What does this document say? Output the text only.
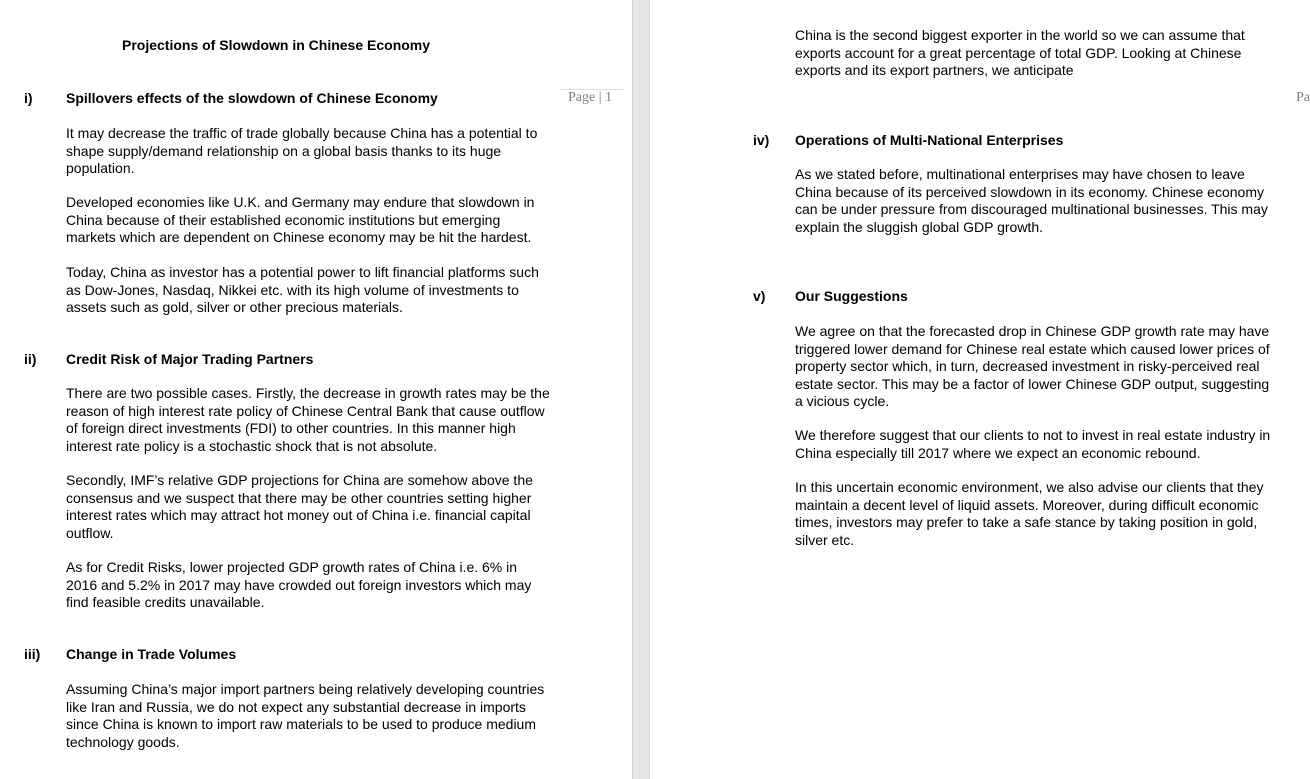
Projections of Slowdown in Chinese Economy
Page | 1
i) Spillovers effects of the slowdown of Chinese Economy

It may decrease the traffic of trade globally because China has a potential to shape supply/demand relationship on a global basis thanks to its huge population.

Developed economies like U.K. and Germany may endure that slowdown in China because of their established economic institutions but emerging markets which are dependent on Chinese economy may be hit the hardest.

Today, China as investor has a potential power to lift financial platforms such as Dow-Jones, Nasdaq, Nikkei etc. with its high volume of investments to assets such as gold, silver or other precious materials.

ii) Credit Risk of Major Trading Partners

There are two possible cases. Firstly, the decrease in growth rates may be the reason of high interest rate policy of Chinese Central Bank that cause outflow of foreign direct investments (FDI) to other countries. In this manner high interest rate policy is a stochastic shock that is not absolute.

Secondly, IMF’s relative GDP projections for China are somehow above the consensus and we suspect that there may be other countries setting higher interest rates which may attract hot money out of China i.e. financial capital outflow.

As for Credit Risks, lower projected GDP growth rates of China i.e. 6% in 2016 and 5.2% in 2017 may have crowded out foreign investors which may find feasible credits unavailable.

iii) Change in Trade Volumes

Assuming China’s major import partners being relatively developing countries like Iran and Russia, we do not expect any substantial decrease in imports since China is known to import raw materials to be used to produce medium technology goods.

China is the second biggest exporter in the world so we can assume that exports account for a great percentage of total GDP. Looking at Chinese exports and its export partners, we anticipate

Pa
iv) Operations of Multi-National Enterprises

As we stated before, multinational enterprises may have chosen to leave China because of its perceived slowdown in its economy. Chinese economy can be under pressure from discouraged multinational businesses. This may explain the sluggish global GDP growth.

v) Our Suggestions

We agree on that the forecasted drop in Chinese GDP growth rate may have triggered lower demand for Chinese real estate which caused lower prices of property sector which, in turn, decreased investment in risky-perceived real estate sector. This may be a factor of lower Chinese GDP output, suggesting a vicious cycle.

We therefore suggest that our clients to not to invest in real estate industry in China especially till 2017 where we expect an economic rebound.

In this uncertain economic environment, we also advise our clients that they maintain a decent level of liquid assets. Moreover, during difficult economic times, investors may prefer to take a safe stance by taking position in gold, silver etc.
